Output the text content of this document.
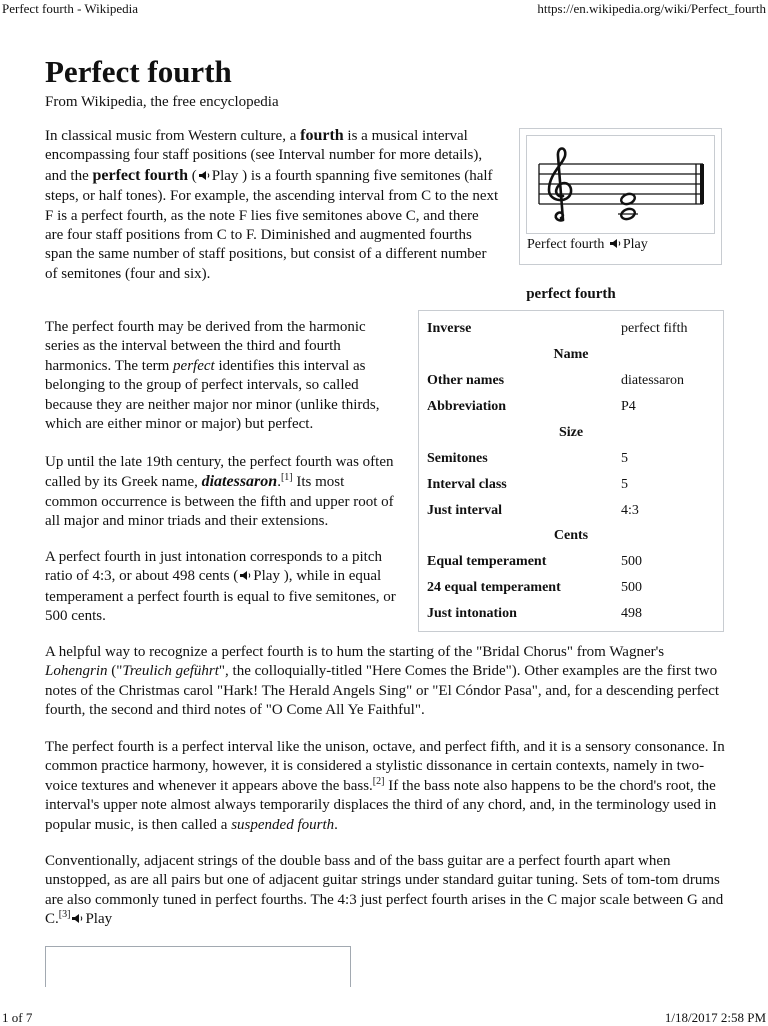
Perfect fourth - Wikipedia	https://en.wikipedia.org/wiki/Perfect_fourth
1 of 7	1/18/2017 2:58 PM
Perfect fourth
From Wikipedia, the free encyclopedia

In classical music from Western culture, a fourth is a musical interval encompassing four staff positions (see Interval number for more details), and the perfect fourth ( Play ) is a fourth spanning five semitones (half steps, or half tones). For example, the ascending interval from C to the next F is a perfect fourth, as the note F lies five semitones above C, and there are four staff positions from C to F. Diminished and augmented fourths span the same number of staff positions, but consist of a different number of semitones (four and six).

The perfect fourth may be derived from the harmonic series as the interval between the third and fourth harmonics. The term perfect identifies this interval as belonging to the group of perfect intervals, so called because they are neither major nor minor (unlike thirds, which are either minor or major) but perfect.

Up until the late 19th century, the perfect fourth was often called by its Greek name, diatessaron.[1] Its most common occurrence is between the fifth and upper root of all major and minor triads and their extensions.

A perfect fourth in just intonation corresponds to a pitch ratio of 4:3, or about 498 cents ( Play ), while in equal temperament a perfect fourth is equal to five semitones, or 500 cents.

A helpful way to recognize a perfect fourth is to hum the starting of the "Bridal Chorus" from Wagner's Lohengrin ("Treulich geführt", the colloquially-titled "Here Comes the Bride"). Other examples are the first two notes of the Christmas carol "Hark! The Herald Angels Sing" or "El Cóndor Pasa", and, for a descending perfect fourth, the second and third notes of "O Come All Ye Faithful".

The perfect fourth is a perfect interval like the unison, octave, and perfect fifth, and it is a sensory consonance. In common practice harmony, however, it is considered a stylistic dissonance in certain contexts, namely in two-voice textures and whenever it appears above the bass.[2] If the bass note also happens to be the chord's root, the interval's upper note almost always temporarily displaces the third of any chord, and, in the terminology used in popular music, is then called a suspended fourth.

Conventionally, adjacent strings of the double bass and of the bass guitar are a perfect fourth apart when unstopped, as are all pairs but one of adjacent guitar strings under standard guitar tuning. Sets of tom-tom drums are also commonly tuned in perfect fourths. The 4:3 just perfect fourth arises in the C major scale between G and C.[3] Play

Perfect fourth Play
perfect fourth
Inverse	perfect fifth
Name
Other names	diatessaron
Abbreviation	P4
Size
Semitones	5
Interval class	5
Just interval	4:3
Cents
Equal temperament	500
24 equal temperament	500
Just intonation	498
